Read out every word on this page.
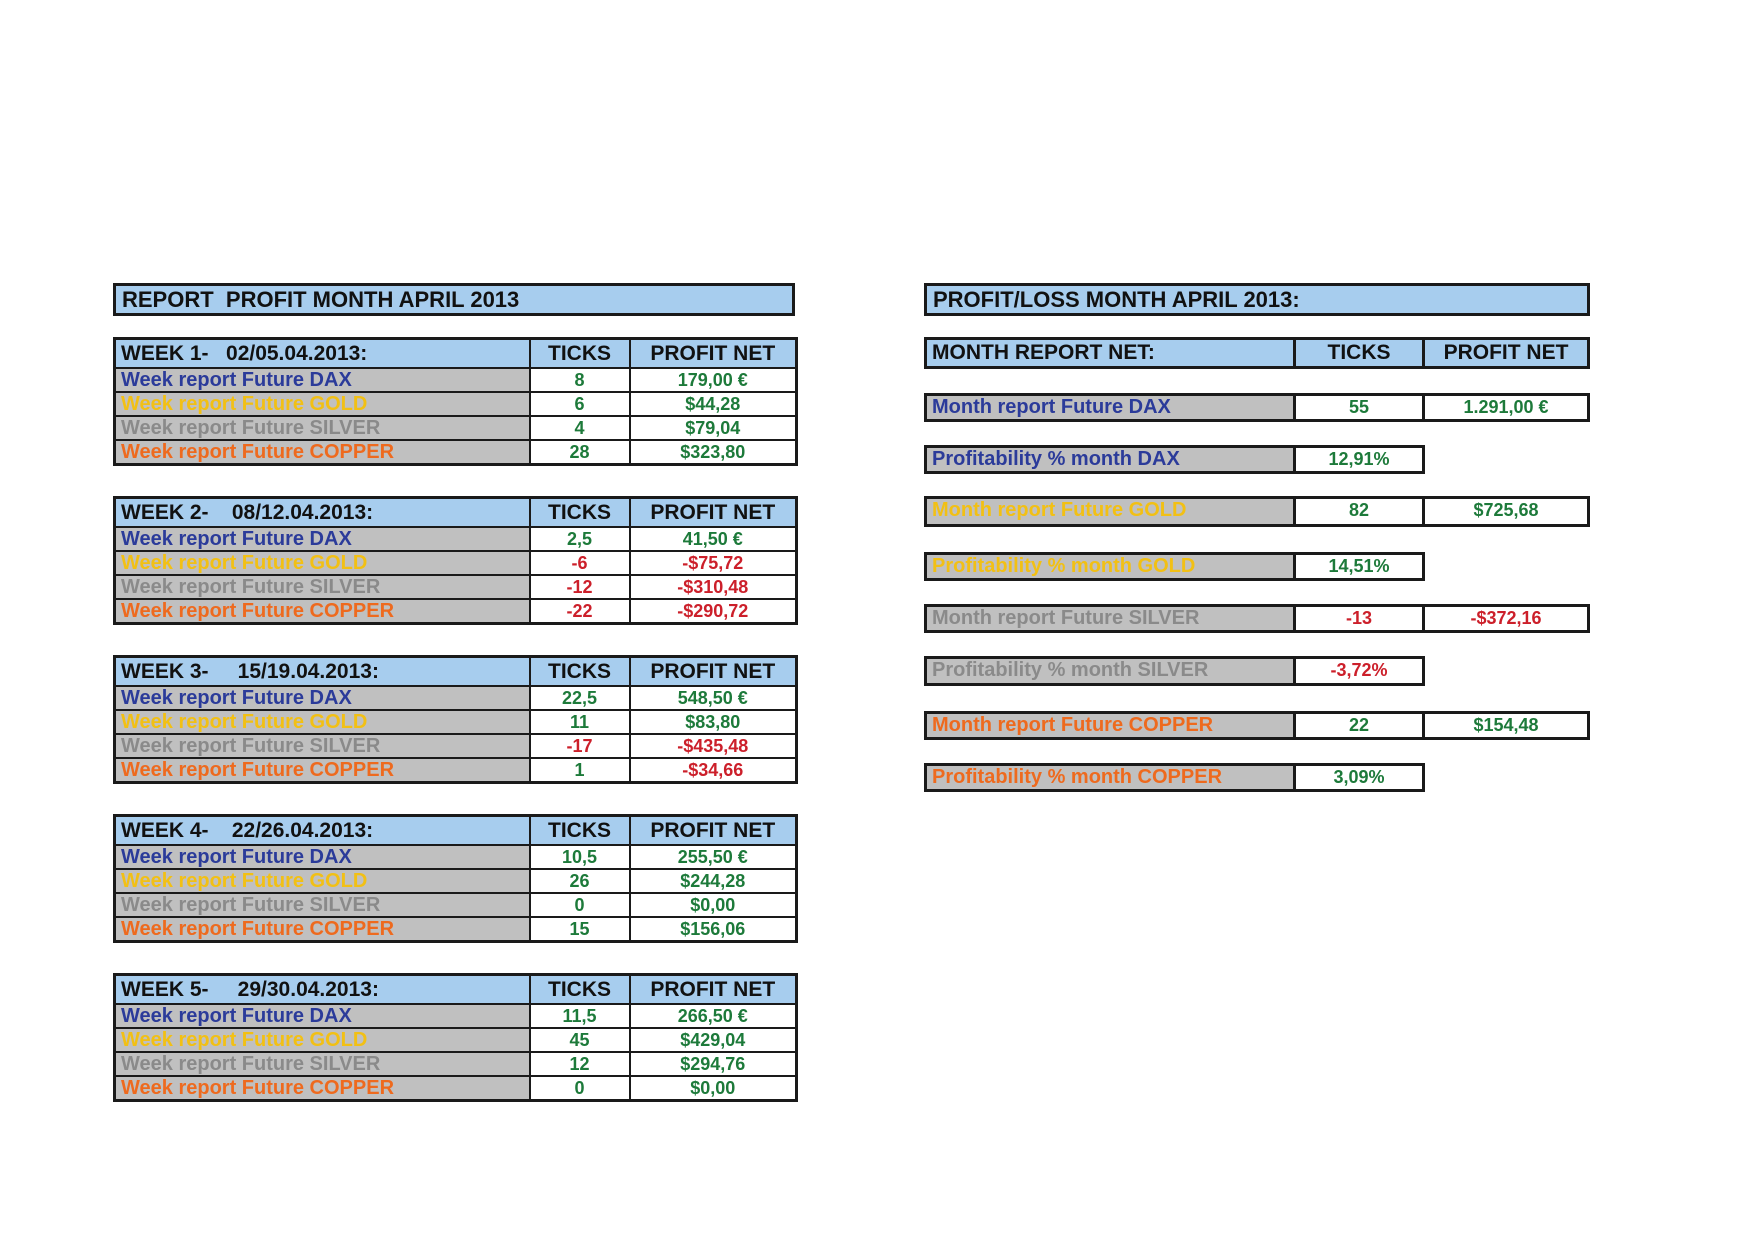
REPORT  PROFIT MONTH APRIL 2013
WEEK 1-   02/05.04.2013:	TICKS	PROFIT NET
Week report Future DAX	8	179,00 €
Week report Future GOLD	6	$44,28
Week report Future SILVER	4	$79,04
Week report Future COPPER	28	$323,80
WEEK 2-    08/12.04.2013:	TICKS	PROFIT NET
Week report Future DAX	2,5	41,50 €
Week report Future GOLD	-6	-$75,72
Week report Future SILVER	-12	-$310,48
Week report Future COPPER	-22	-$290,72
WEEK 3-     15/19.04.2013:	TICKS	PROFIT NET
Week report Future DAX	22,5	548,50 €
Week report Future GOLD	11	$83,80
Week report Future SILVER	-17	-$435,48
Week report Future COPPER	1	-$34,66
WEEK 4-    22/26.04.2013:	TICKS	PROFIT NET
Week report Future DAX	10,5	255,50 €
Week report Future GOLD	26	$244,28
Week report Future SILVER	0	$0,00
Week report Future COPPER	15	$156,06
WEEK 5-     29/30.04.2013:	TICKS	PROFIT NET
Week report Future DAX	11,5	266,50 €
Week report Future GOLD	45	$429,04
Week report Future SILVER	12	$294,76
Week report Future COPPER	0	$0,00
PROFIT/LOSS MONTH APRIL 2013:
MONTH REPORT NET:	TICKS	PROFIT NET
Month report Future DAX	55	1.291,00 €
Profitability % month DAX	12,91%
Month report Future GOLD	82	$725,68
Profitability % month GOLD	14,51%
Month report Future SILVER	-13	-$372,16
Profitability % month SILVER	-3,72%
Month report Future COPPER	22	$154,48
Profitability % month COPPER	3,09%
